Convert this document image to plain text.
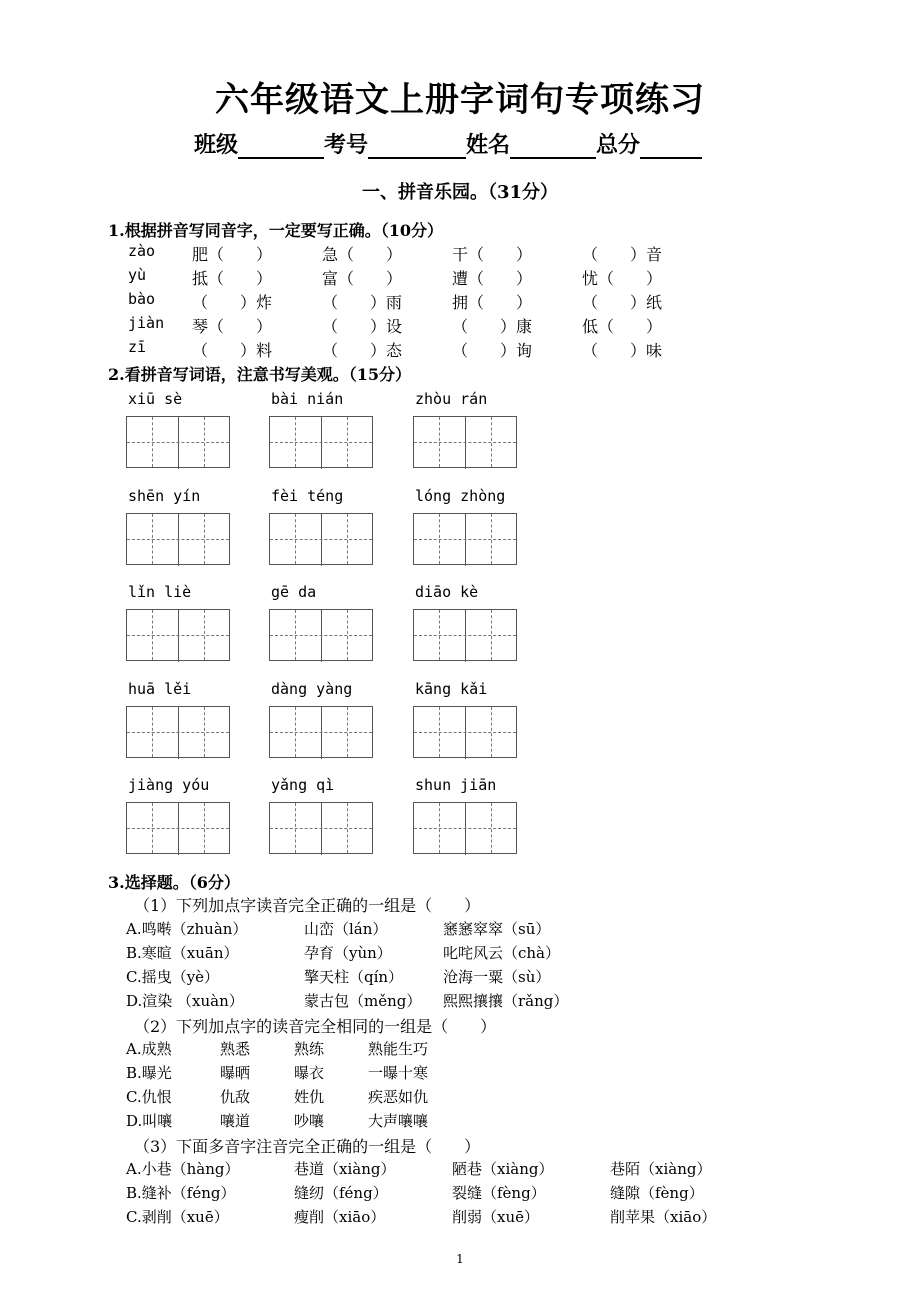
六年级语文上册字词句专项练习
班级	考号	姓名	总分
一、拼音乐园。（31分）
1.根据拼音写同音字，一定要写正确。（10分）
zào 肥（　　）	急（　　）	干（　　）	（　　）音
yù	抵（　　）	富（　　）	遭（　　）	忧（　　）
bào （　　）炸	（　　）雨	拥（　　）	（　　）纸
jiàn 琴（　　）	（　　）设	（　　）康	低（　　）
zī	（　　）料	（　　）态	（　　）询	（　　）味
2.看拼音写词语，注意书写美观。（15分）
xiū sè	bài nián	zhòu rán
shēn yín	fèi téng	lóng zhòng
lǐn liè	gē da	diāo kè
huā lěi	dàng yàng	kāng kǎi
jiàng yóu	yǎng qì	shun jiān
3.选择题。（6分）
（1）下列加点字读音完全正确的一组是（　　）
A.鸣啭（zhuàn）	山峦（lán）	窸窸窣窣（sū）
B.寒暄（xuān）	孕育（yùn）	叱咤风云（chà）
C.摇曳（yè）	擎天柱（qín）	沧海一粟（sù）
D.渲染 （xuàn）	蒙古包（měng） 熙熙攘攘（rǎng）
（2）下列加点字的读音完全相同的一组是（　　）
A.成熟	熟悉	熟练	熟能生巧
B.曝光	曝晒	曝衣	一曝十寒
C.仇恨	仇敌	姓仇	疾恶如仇
D.叫嚷	嚷道	吵嚷	大声嚷嚷
（3）下面多音字注音完全正确的一组是（　　）
A.小巷（hàng）	巷道（xiàng）	陋巷（xiàng）	巷陌（xiàng）
B.缝补（féng）	缝纫（féng）	裂缝（fèng）	缝隙（fèng）
C.剥削（xuē）	瘦削（xiāo）	削弱（xuē）	削苹果（xiāo）
1
